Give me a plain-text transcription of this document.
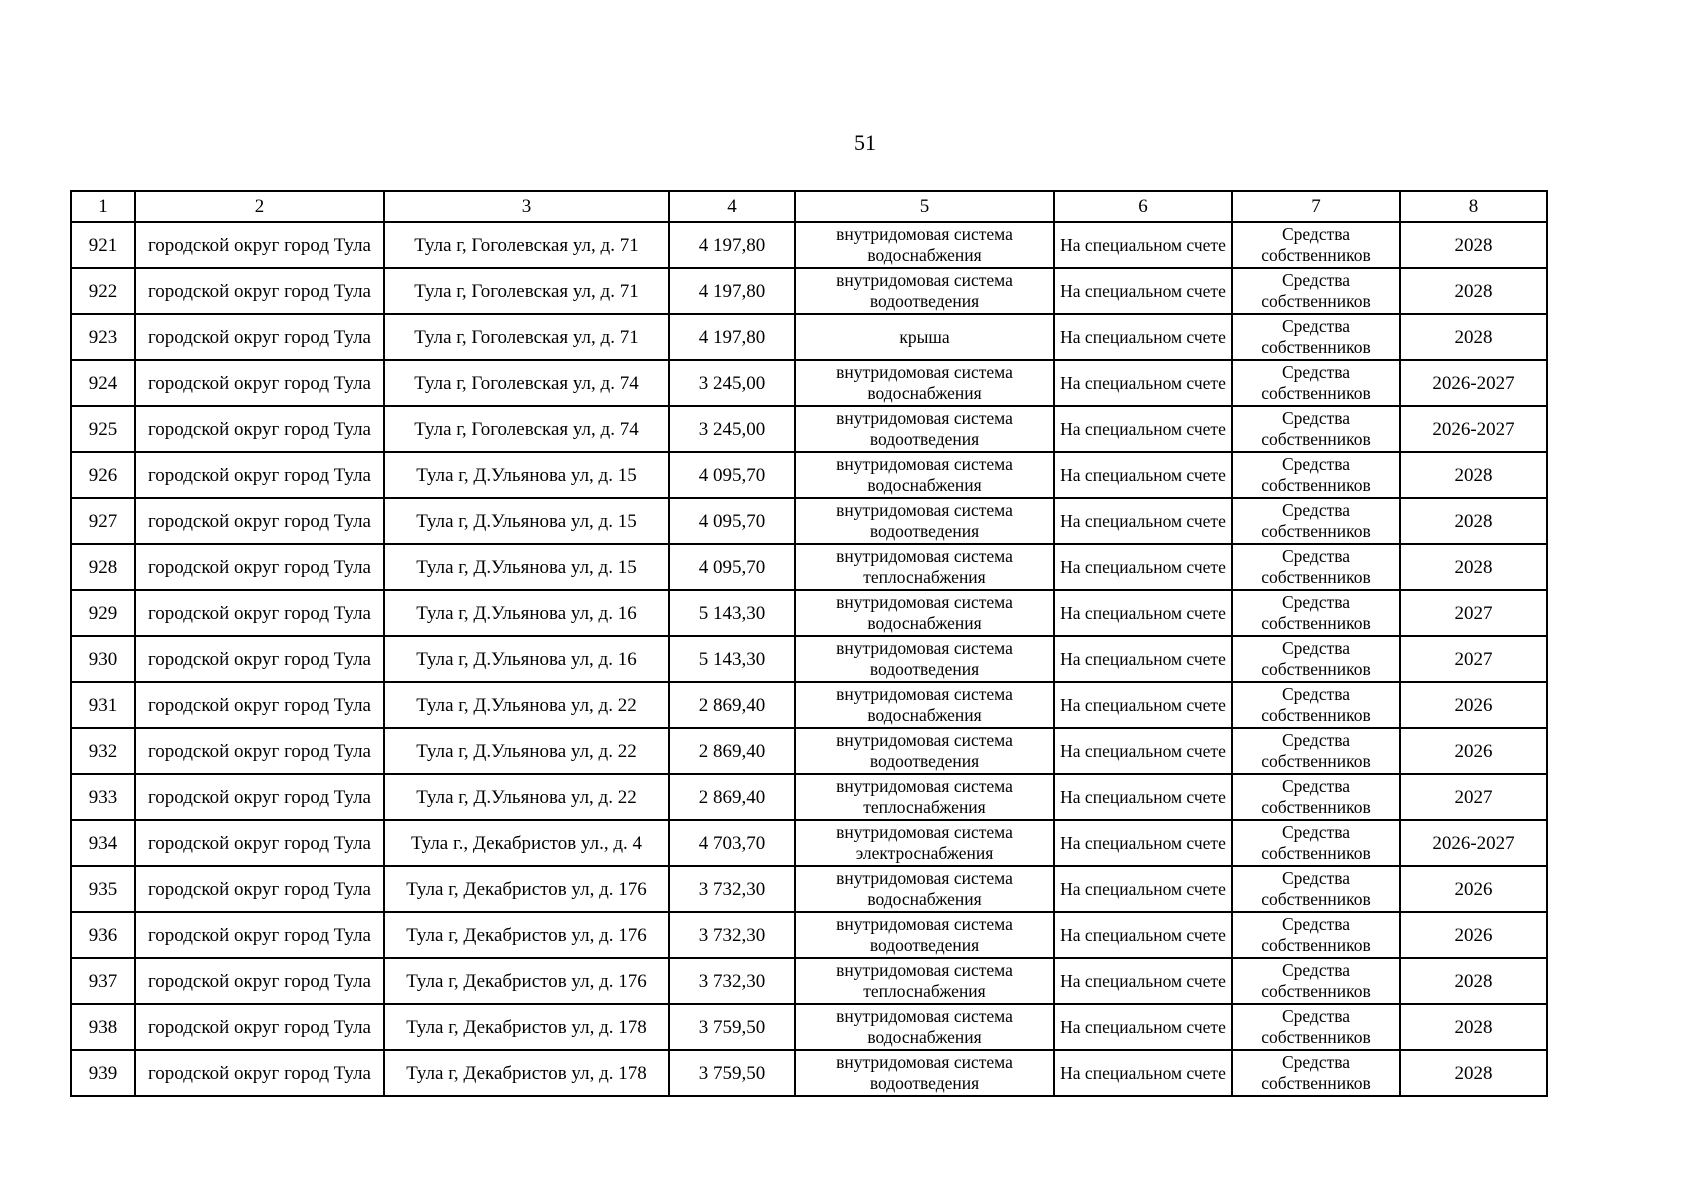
51
1	2	3	4	5	6	7	8
921	городской округ город Тула	Тула г, Гоголевская ул, д. 71	4 197,80	внутридомовая система водоснабжения	На специальном счете	Средства собственников	2028
922	городской округ город Тула	Тула г, Гоголевская ул, д. 71	4 197,80	внутридомовая система водоотведения	На специальном счете	Средства собственников	2028
923	городской округ город Тула	Тула г, Гоголевская ул, д. 71	4 197,80	крыша	На специальном счете	Средства собственников	2028
924	городской округ город Тула	Тула г, Гоголевская ул, д. 74	3 245,00	внутридомовая система водоснабжения	На специальном счете	Средства собственников	2026-2027
925	городской округ город Тула	Тула г, Гоголевская ул, д. 74	3 245,00	внутридомовая система водоотведения	На специальном счете	Средства собственников	2026-2027
926	городской округ город Тула	Тула г, Д.Ульянова ул, д. 15	4 095,70	внутридомовая система водоснабжения	На специальном счете	Средства собственников	2028
927	городской округ город Тула	Тула г, Д.Ульянова ул, д. 15	4 095,70	внутридомовая система водоотведения	На специальном счете	Средства собственников	2028
928	городской округ город Тула	Тула г, Д.Ульянова ул, д. 15	4 095,70	внутридомовая система теплоснабжения	На специальном счете	Средства собственников	2028
929	городской округ город Тула	Тула г, Д.Ульянова ул, д. 16	5 143,30	внутридомовая система водоснабжения	На специальном счете	Средства собственников	2027
930	городской округ город Тула	Тула г, Д.Ульянова ул, д. 16	5 143,30	внутридомовая система водоотведения	На специальном счете	Средства собственников	2027
931	городской округ город Тула	Тула г, Д.Ульянова ул, д. 22	2 869,40	внутридомовая система водоснабжения	На специальном счете	Средства собственников	2026
932	городской округ город Тула	Тула г, Д.Ульянова ул, д. 22	2 869,40	внутридомовая система водоотведения	На специальном счете	Средства собственников	2026
933	городской округ город Тула	Тула г, Д.Ульянова ул, д. 22	2 869,40	внутридомовая система теплоснабжения	На специальном счете	Средства собственников	2027
934	городской округ город Тула	Тула г., Декабристов ул., д. 4	4 703,70	внутридомовая система электроснабжения	На специальном счете	Средства собственников	2026-2027
935	городской округ город Тула	Тула г, Декабристов ул, д. 176	3 732,30	внутридомовая система водоснабжения	На специальном счете	Средства собственников	2026
936	городской округ город Тула	Тула г, Декабристов ул, д. 176	3 732,30	внутридомовая система водоотведения	На специальном счете	Средства собственников	2026
937	городской округ город Тула	Тула г, Декабристов ул, д. 176	3 732,30	внутридомовая система теплоснабжения	На специальном счете	Средства собственников	2028
938	городской округ город Тула	Тула г, Декабристов ул, д. 178	3 759,50	внутридомовая система водоснабжения	На специальном счете	Средства собственников	2028
939	городской округ город Тула	Тула г, Декабристов ул, д. 178	3 759,50	внутридомовая система водоотведения	На специальном счете	Средства собственников	2028
